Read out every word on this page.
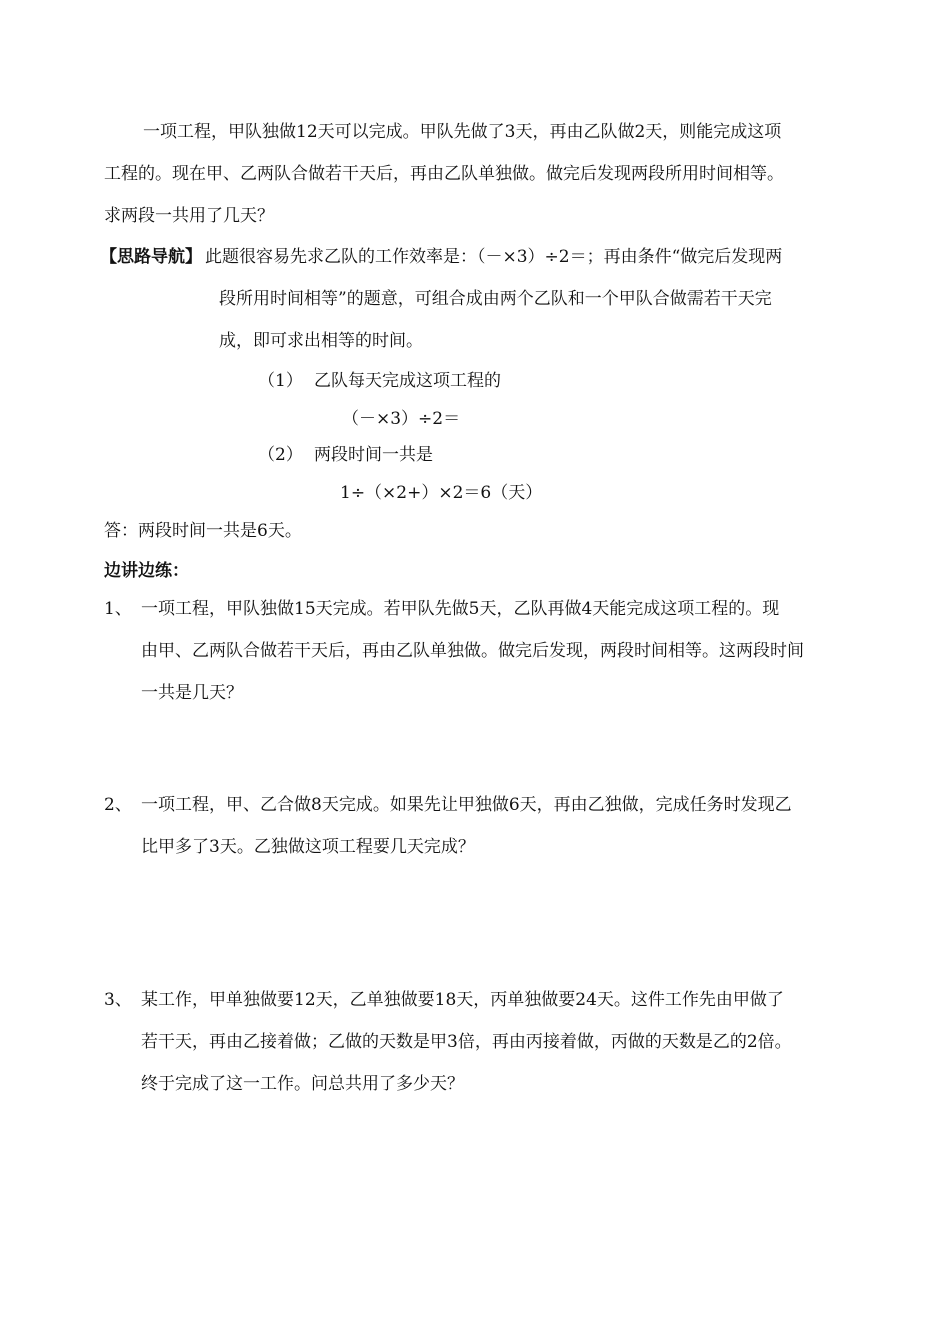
一项工程，甲队独做12天可以完成。甲队先做了3天，再由乙队做2天，则能完成这项
工程的。现在甲、乙两队合做若干天后，再由乙队单独做。做完后发现两段所用时间相等。
求两段一共用了几天？
【思路导航】 此题很容易先求乙队的工作效率是：（－×3）÷2＝；再由条件“做完后发现两
段所用时间相等”的题意，可组合成由两个乙队和一个甲队合做需若干天完
成，即可求出相等的时间。
（1） 乙队每天完成这项工程的
（－×3）÷2＝
（2） 两段时间一共是
1÷（×2+）×2＝6（天）
答：两段时间一共是6天。
边讲边练：
1、 一项工程，甲队独做15天完成。若甲队先做5天，乙队再做4天能完成这项工程的。现
由甲、乙两队合做若干天后，再由乙队单独做。做完后发现，两段时间相等。这两段时间
一共是几天？
2、 一项工程，甲、乙合做8天完成。如果先让甲独做6天，再由乙独做，完成任务时发现乙
比甲多了3天。乙独做这项工程要几天完成？
3、 某工作，甲单独做要12天，乙单独做要18天，丙单独做要24天。这件工作先由甲做了
若干天，再由乙接着做；乙做的天数是甲3倍，再由丙接着做，丙做的天数是乙的2倍。
终于完成了这一工作。问总共用了多少天？
